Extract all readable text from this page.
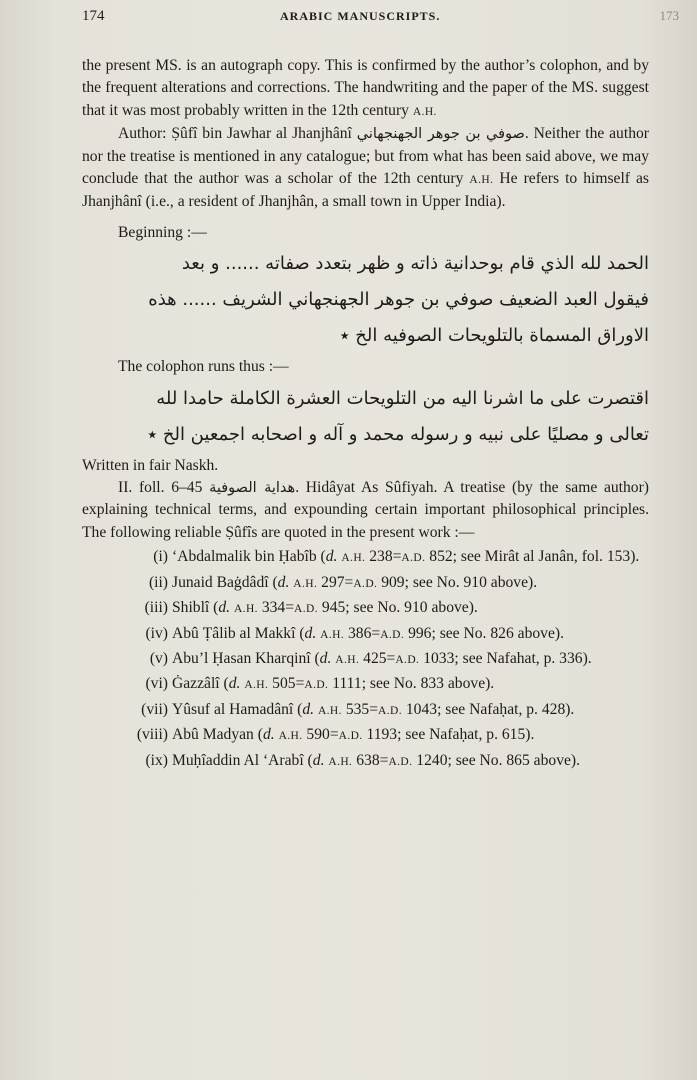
174	ARABIC MANUSCRIPTS.	173

the present MS. is an autograph copy. This is confirmed by the author’s colophon, and by the frequent alterations and corrections. The handwriting and the paper of the MS. suggest that it was most probably written in the 12th century A.H.

Author: Ṣûfî bin Jawhar al Jhanjhânî صوفي بن جوهر الجهنجهاني. Neither the author nor the treatise is mentioned in any catalogue; but from what has been said above, we may conclude that the author was a scholar of the 12th century A.H. He refers to himself as Jhanjhânî (i.e., a resident of Jhanjhân, a small town in Upper India).

Beginning :—

الحمد لله الذي قام بوحدانية ذاته و ظهر بتعدد صفاته ...... و بعد

فيقول العبد الضعيف صوفي بن جوهر الجهنجهاني الشريف ...... هذه

الاوراق المسماة بالتلويحات الصوفيه الخ ٭

The colophon runs thus :—

اقتصرت على ما اشرنا اليه من التلويحات العشرة الكاملة حامدا لله

تعالى و مصليًا على نبيه و رسوله محمد و آله و اصحابه اجمعين الخ ٭

Written in fair Naskh.

II. foll. 6–45 هداية الصوفية. Hidâyat As Sûfiyah. A treatise (by the same author) explaining technical terms, and expounding certain important philosophical principles. The following reliable Ṣûfîs are quoted in the present work :—

(i) ‘Abdalmalik bin Ḥabîb (d. A.H. 238=A.D. 852; see Mirât al Janân, fol. 153).
(ii) Junaid Baġdâdî (d. A.H. 297=A.D. 909; see No. 910 above).
(iii) Shiblî (d. A.H. 334=A.D. 945; see No. 910 above).
(iv) Abû Ṭâlib al Makkî (d. A.H. 386=A.D. 996; see No. 826 above).
(v) Abu’l Ḥasan Kharqinî (d. A.H. 425=A.D. 1033; see Nafahat, p. 336).
(vi) Ġazzâlî (d. A.H. 505=A.D. 1111; see No. 833 above).
(vii) Yûsuf al Hamadânî (d. A.H. 535=A.D. 1043; see Nafaḥat, p. 428).
(viii) Abû Madyan (d. A.H. 590=A.D. 1193; see Nafaḥat, p. 615).
(ix) Muḥîaddin Al ‘Arabî (d. A.H. 638=A.D. 1240; see No. 865 above).
